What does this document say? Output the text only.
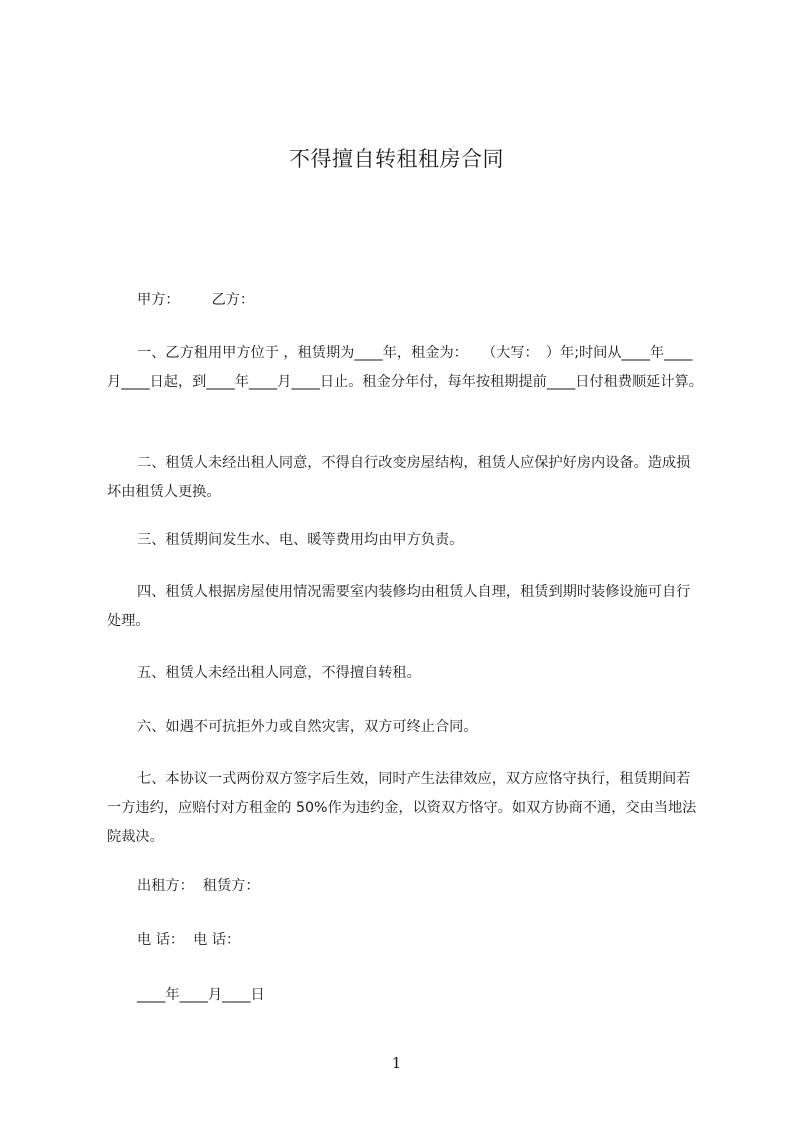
不得擅自转租租房合同
甲方： 乙方：
一、乙方租用甲方位于 ，租赁期为____年，租金为：　　（大写：　）年;时间从____年____月____日起，到____年____月____日止。租金分年付，每年按租期提前____日付租费顺延计算。
二、租赁人未经出租人同意，不得自行改变房屋结构，租赁人应保护好房内设备。造成损坏由租赁人更换。
三、租赁期间发生水、电、暖等费用均由甲方负责。
四、租赁人根据房屋使用情况需要室内装修均由租赁人自理，租赁到期时装修设施可自行处理。
五、租赁人未经出租人同意，不得擅自转租。
六、如遇不可抗拒外力或自然灾害，双方可终止合同。
七、本协议一式两份双方签字后生效，同时产生法律效应，双方应恪守执行，租赁期间若一方违约，应赔付对方租金的 50%作为违约金，以资双方恪守。如双方协商不通，交由当地法院裁决。
出租方： 租赁方：
电 话： 电 话：
____年____月____日
1
